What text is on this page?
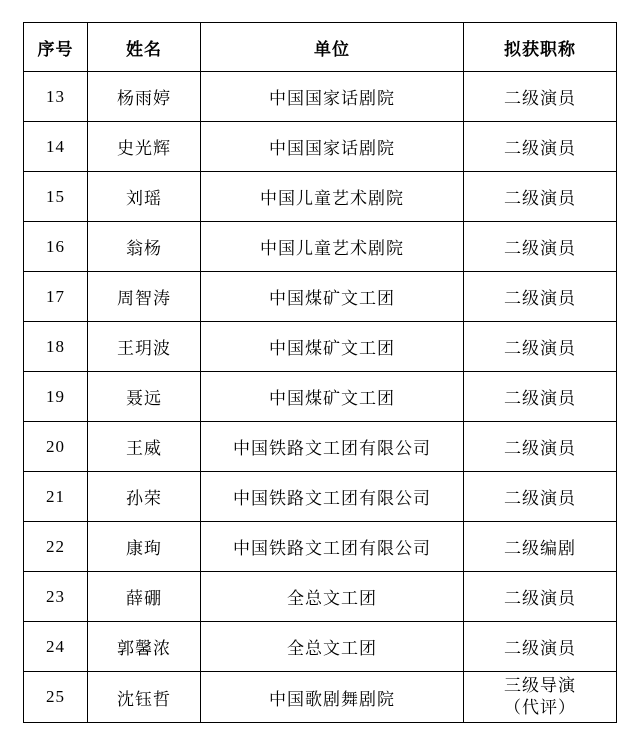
序号	姓名	单位	拟获职称
13	杨雨婷	中国国家话剧院	二级演员
14	史光辉	中国国家话剧院	二级演员
15	刘瑶	中国儿童艺术剧院	二级演员
16	翁杨	中国儿童艺术剧院	二级演员
17	周智涛	中国煤矿文工团	二级演员
18	王玥波	中国煤矿文工团	二级演员
19	聂远	中国煤矿文工团	二级演员
20	王威	中国铁路文工团有限公司	二级演员
21	孙荣	中国铁路文工团有限公司	二级演员
22	康珣	中国铁路文工团有限公司	二级编剧
23	薛硼	全总文工团	二级演员
24	郭馨浓	全总文工团	二级演员
25	沈钰哲	中国歌剧舞剧院	三级导演
（代评）
